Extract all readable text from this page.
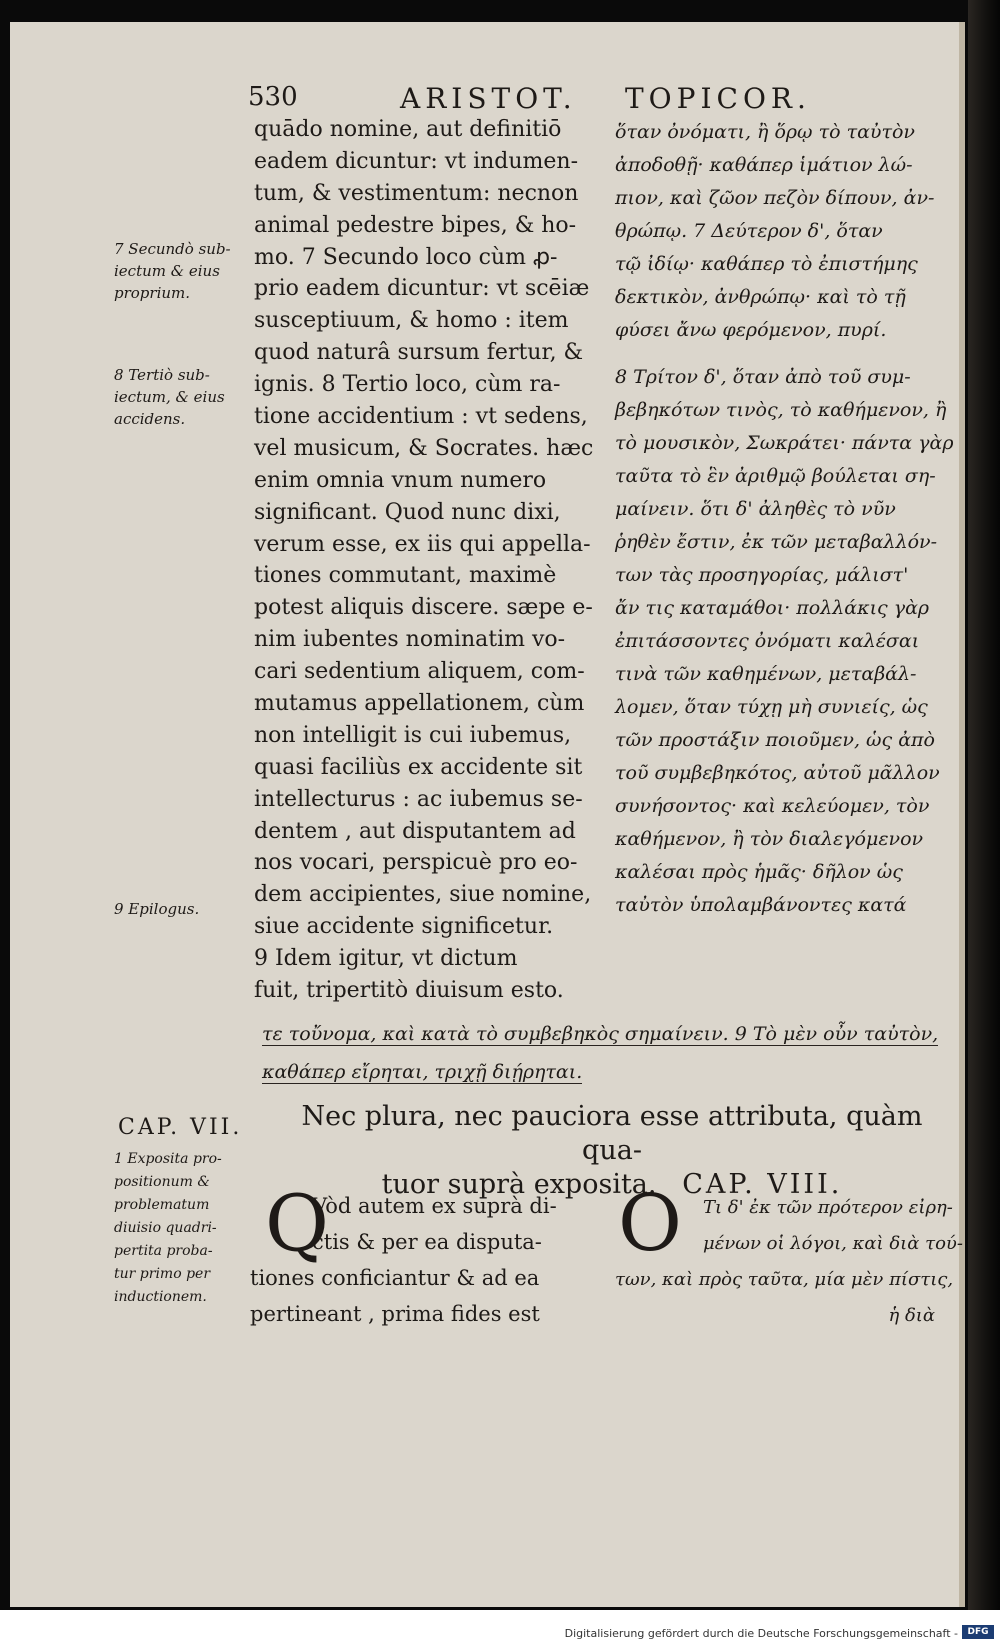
530	ARISTOT. TOPICOR.
quādo nomine, aut definitiō
eadem dicuntur: vt indumen-
tum, & vestimentum: necnon
animal pedestre bipes, & ho-
mo. 7 Secundo loco cùm ꝓ-
prio eadem dicuntur: vt scēiæ
susceptiuum, & homo : item
quod naturâ sursum fertur, &
ignis. 8 Tertio loco, cùm ra-
tione accidentium : vt sedens,
vel musicum, & Socrates. hæc
enim omnia vnum numero
significant. Quod nunc dixi,
verum esse, ex iis qui appella-
tiones commutant, maximè
potest aliquis discere. sæpe e-
nim iubentes nominatim vo-
cari sedentium aliquem, com-
mutamus appellationem, cùm
non intelligit is cui iubemus,
quasi faciliùs ex accidente sit
intellecturus : ac iubemus se-
dentem , aut disputantem ad
nos vocari, perspicuè pro eo-
dem accipientes, siue nomine,
siue accidente significetur.
9 Idem igitur, vt dictum
fuit, tripertitò diuisum esto.
ὅταν ὀνόματι, ἢ ὅρῳ τὸ ταὐτὸν
ἀποδοθῇ· καθάπερ ἱμάτιον λώ-
πιον, καὶ ζῶον πεζὸν δίπουν, ἀν-
θρώπῳ. 7 Δεύτερον δ', ὅταν
τῷ ἰδίῳ· καθάπερ τὸ ἐπιστήμης
δεκτικὸν, ἀνθρώπῳ· καὶ τὸ τῇ
φύσει ἄνω φερόμενον, πυρί.
8 Τρίτον δ', ὅταν ἀπὸ τοῦ συμ-
βεβηκότων τινὸς, τὸ καθήμενον, ἢ
τὸ μουσικὸν, Σωκράτει· πάντα γὰρ
ταῦτα τὸ ἓν ἀριθμῷ βούλεται ση-
μαίνειν. ὅτι δ' ἀληθὲς τὸ νῦν
ῥηθὲν ἔστιν, ἐκ τῶν μεταβαλλόν-
των τὰς προσηγορίας, μάλιστ'
ἄν τις καταμάθοι· πολλάκις γὰρ
ἐπιτάσσοντες ὀνόματι καλέσαι
τινὰ τῶν καθημένων, μεταβάλ-
λομεν, ὅταν τύχῃ μὴ συνιείς, ὡς
τῶν προστάξιν ποιοῦμεν, ὡς ἀπὸ
τοῦ συμβεβηκότος, αὐτοῦ μᾶλλον
συνήσοντος· καὶ κελεύομεν, τὸν
καθήμενον, ἢ τὸν διαλεγόμενον
καλέσαι πρὸς ἡμᾶς· δῆλον ὡς
ταὐτὸν ὑπολαμβάνοντες κατά
τε τοὔνομα, καὶ κατὰ τὸ συμβεβηκὸς σημαίνειν. 9 Τὸ μὲν οὖν ταὐτὸν,
καθάπερ εἴρηται, τριχῇ διῄρηται.
7 Secundò sub-
iectum & eius
proprium.
8 Tertiò sub-
iectum, & eius
accidens.
9 Epilogus.
CAP. VII.	Nec plura, nec pauciora esse attributa, quàm qua-
tuor suprà exposita. CAP. VIII.
1 Exposita pro-
positionum &
problematum
diuisio quadri-
pertita proba-
tur primo per
inductionem.
Q
Vòd autem ex suprà di-
ctis & per ea disputa-
tiones conficiantur & ad ea
pertineant , prima fides est
O	Τι δ' ἐκ τῶν πρότερον εἰρη-
μένων οἱ λόγοι, καὶ διὰ τού-
των, καὶ πρὸς ταῦτα, μία μὲν πίστις,
ἡ διὰ
Digitalisierung gefördert durch die Deutsche Forschungsgemeinschaft -	DFG
